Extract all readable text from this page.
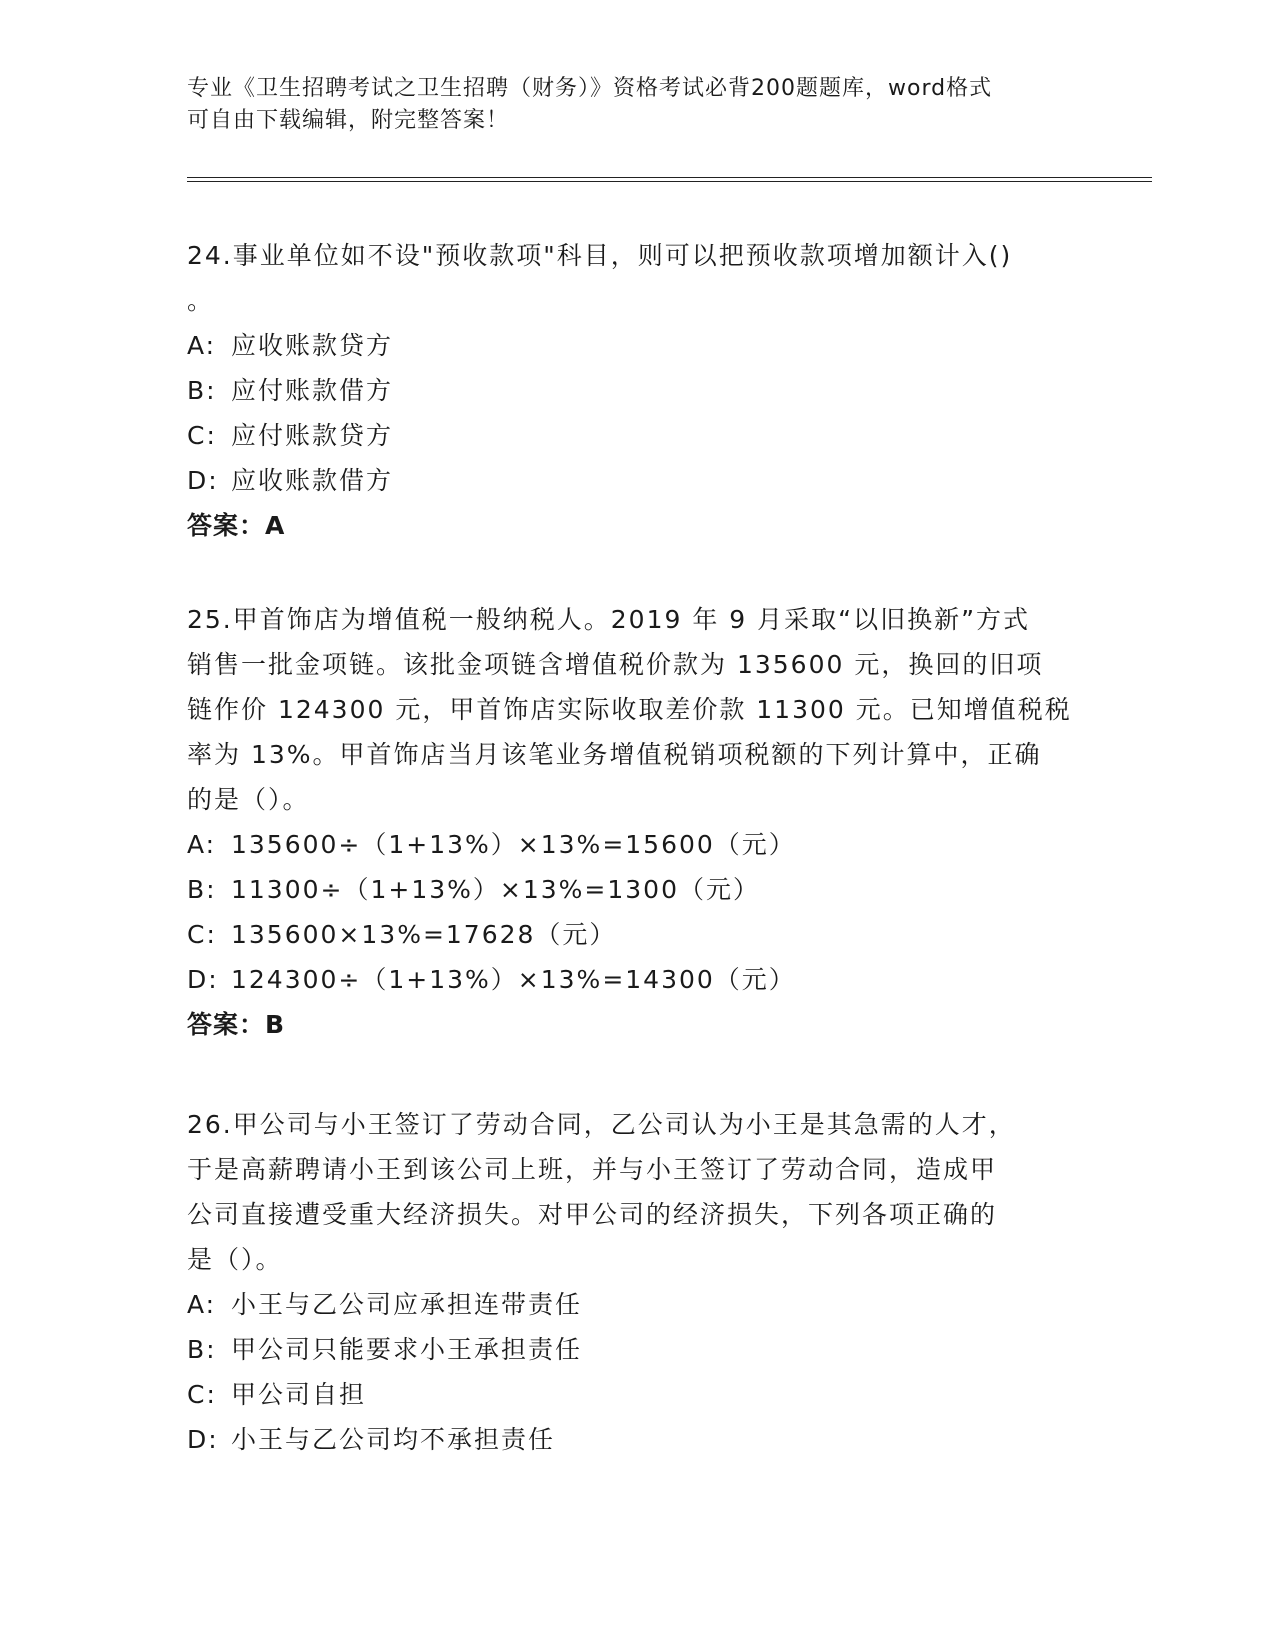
专业《卫生招聘考试之卫生招聘（财务）》资格考试必背200题题库，word格式
可自由下载编辑，附完整答案！

24.事业单位如不设"预收款项"科目，则可以把预收款项增加额计入()

。

A: 应收账款贷方

B: 应付账款借方

C: 应付账款贷方

D: 应收账款借方

答案：A

25.甲首饰店为增值税一般纳税人。2019 年 9 月采取“以旧换新”方式

销售一批金项链。该批金项链含增值税价款为 135600 元，换回的旧项

链作价 124300 元，甲首饰店实际收取差价款 11300 元。已知增值税税

率为 13%。甲首饰店当月该笔业务增值税销项税额的下列计算中，正确

的是（）。

A: 135600÷（1+13%）×13%=15600（元）

B: 11300÷（1+13%）×13%=1300（元）

C: 135600×13%=17628（元）

D: 124300÷（1+13%）×13%=14300（元）

答案：B

26.甲公司与小王签订了劳动合同，乙公司认为小王是其急需的人才，

于是高薪聘请小王到该公司上班，并与小王签订了劳动合同，造成甲

公司直接遭受重大经济损失。对甲公司的经济损失，下列各项正确的

是（）。

A: 小王与乙公司应承担连带责任

B: 甲公司只能要求小王承担责任

C: 甲公司自担

D: 小王与乙公司均不承担责任
